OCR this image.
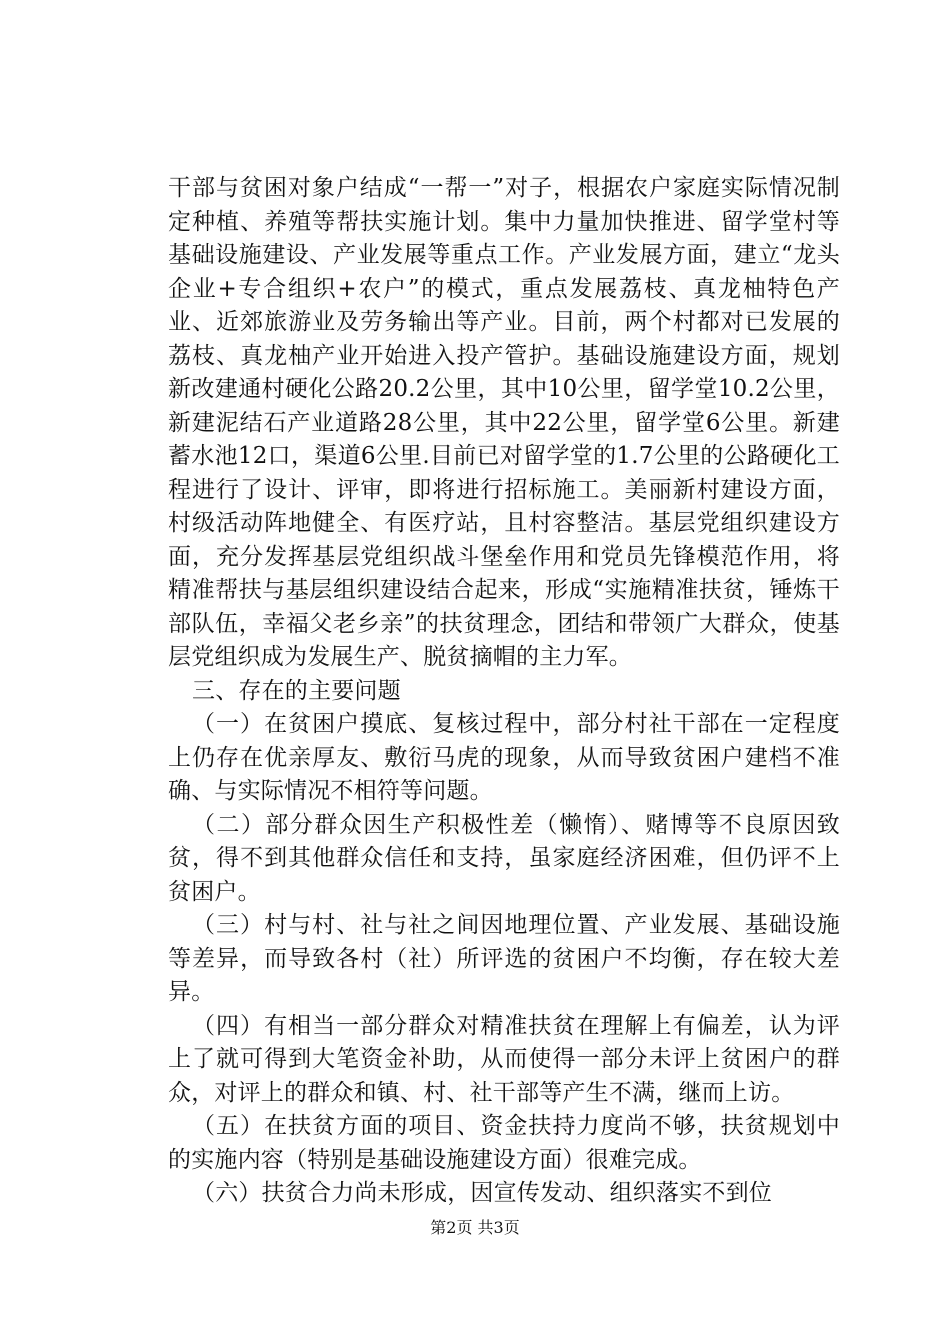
干部与贫困对象户结成“一帮一”对子，根据农户家庭实际情况制定种植、养殖等帮扶实施计划。集中力量加快推进、留学堂村等基础设施建设、产业发展等重点工作。产业发展方面，建立“龙头企业+专合组织+农户”的模式，重点发展荔枝、真龙柚特色产业、近郊旅游业及劳务输出等产业。目前，两个村都对已发展的荔枝、真龙柚产业开始进入投产管护。基础设施建设方面，规划新改建通村硬化公路20.2公里，其中10公里，留学堂10.2公里，新建泥结石产业道路28公里，其中22公里，留学堂6公里。新建蓄水池12口，渠道6公里.目前已对留学堂的1.7公里的公路硬化工程进行了设计、评审，即将进行招标施工。美丽新村建设方面，村级活动阵地健全、有医疗站，且村容整洁。基层党组织建设方面，充分发挥基层党组织战斗堡垒作用和党员先锋模范作用，将精准帮扶与基层组织建设结合起来，形成“实施精准扶贫，锤炼干部队伍，幸福父老乡亲”的扶贫理念，团结和带领广大群众，使基层党组织成为发展生产、脱贫摘帽的主力军。

三、存在的主要问题

（一）在贫困户摸底、复核过程中，部分村社干部在一定程度上仍存在优亲厚友、敷衍马虎的现象，从而导致贫困户建档不准确、与实际情况不相符等问题。

（二）部分群众因生产积极性差（懒惰）、赌博等不良原因致贫，得不到其他群众信任和支持，虽家庭经济困难，但仍评不上贫困户。

（三）村与村、社与社之间因地理位置、产业发展、基础设施等差异，而导致各村（社）所评选的贫困户不均衡，存在较大差异。

（四）有相当一部分群众对精准扶贫在理解上有偏差，认为评上了就可得到大笔资金补助，从而使得一部分未评上贫困户的群众，对评上的群众和镇、村、社干部等产生不满，继而上访。

（五）在扶贫方面的项目、资金扶持力度尚不够，扶贫规划中的实施内容（特别是基础设施建设方面）很难完成。

（六）扶贫合力尚未形成，因宣传发动、组织落实不到位

第2页 共3页
